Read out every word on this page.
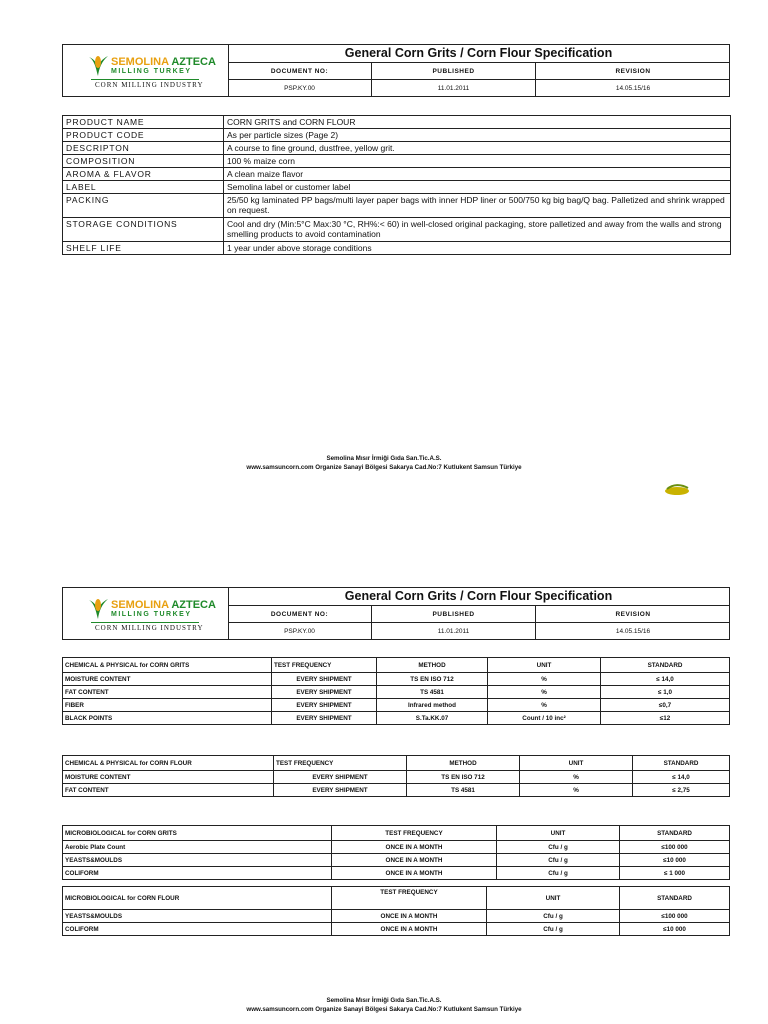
SEMOLINA AZTECA
MILLING TURKEY
CORN MILLING INDUSTRY
General Corn Grits / Corn Flour Specification
DOCUMENT NO:	PUBLISHED	REVISION
PSP.KY.00	11.01.2011	14.05.15/16
PRODUCT NAME	CORN GRITS and CORN FLOUR
PRODUCT CODE	As per particle sizes (Page 2)
DESCRIPTON	A course to fine ground, dustfree, yellow grit.
COMPOSITION	100 % maize corn
AROMA & FLAVOR	A clean maize flavor
LABEL	Semolina label or customer label
PACKING	25/50 kg laminated PP bags/multi layer paper bags with inner HDP liner or 500/750 kg big bag/Q bag. Palletized and shrink wrapped on request.
STORAGE CONDITIONS	Cool and dry (Min:5°C Max:30 °C, RH%:< 60) in well-closed original packaging, store palletized and away from the walls and strong smelling products to avoid contamination
SHELF LIFE	1 year under above storage conditions
Semolina Mısır İrmiği Gıda San.Tic.A.S.
www.samsuncorn.com Organize Sanayi Bölgesi Sakarya Cad.No:7 Kutlukent Samsun Türkiye
SEMOLINA AZTECA
MILLING TURKEY
CORN MILLING INDUSTRY
General Corn Grits / Corn Flour Specification
DOCUMENT NO:	PUBLISHED	REVISION
PSP.KY.00	11.01.2011	14.05.15/16
CHEMICAL & PHYSICAL for CORN GRITS	TEST FREQUENCY	METHOD	UNIT	STANDARD
MOISTURE CONTENT	EVERY SHIPMENT	TS EN ISO 712	%	≤ 14,0
FAT CONTENT	EVERY SHIPMENT	TS 4581	%	≤ 1,0
FIBER	EVERY SHIPMENT	Infrared method	%	≤0,7
BLACK POINTS	EVERY SHIPMENT	S.Ta.KK.07	Count / 10 inc²	≤12
CHEMICAL & PHYSICAL for CORN FLOUR	TEST FREQUENCY	METHOD	UNIT	STANDARD
MOISTURE CONTENT	EVERY SHIPMENT	TS EN ISO 712	%	≤ 14,0
FAT CONTENT	EVERY SHIPMENT	TS 4581	%	≤ 2,75
MICROBIOLOGICAL for CORN GRITS	TEST FREQUENCY	UNIT	STANDARD
Aerobic Plate Count	ONCE IN A MONTH	Cfu / g	≤100 000
YEASTS&MOULDS	ONCE IN A MONTH	Cfu / g	≤10 000
COLIFORM	ONCE IN A MONTH	Cfu / g	≤ 1 000
MICROBIOLOGICAL for CORN FLOUR	TEST FREQUENCY	UNIT	STANDARD
YEASTS&MOULDS	ONCE IN A MONTH	Cfu / g	≤100 000
COLIFORM	ONCE IN A MONTH	Cfu / g	≤10 000
Semolina Mısır İrmiği Gıda San.Tic.A.S.
www.samsuncorn.com Organize Sanayi Bölgesi Sakarya Cad.No:7 Kutlukent Samsun Türkiye
